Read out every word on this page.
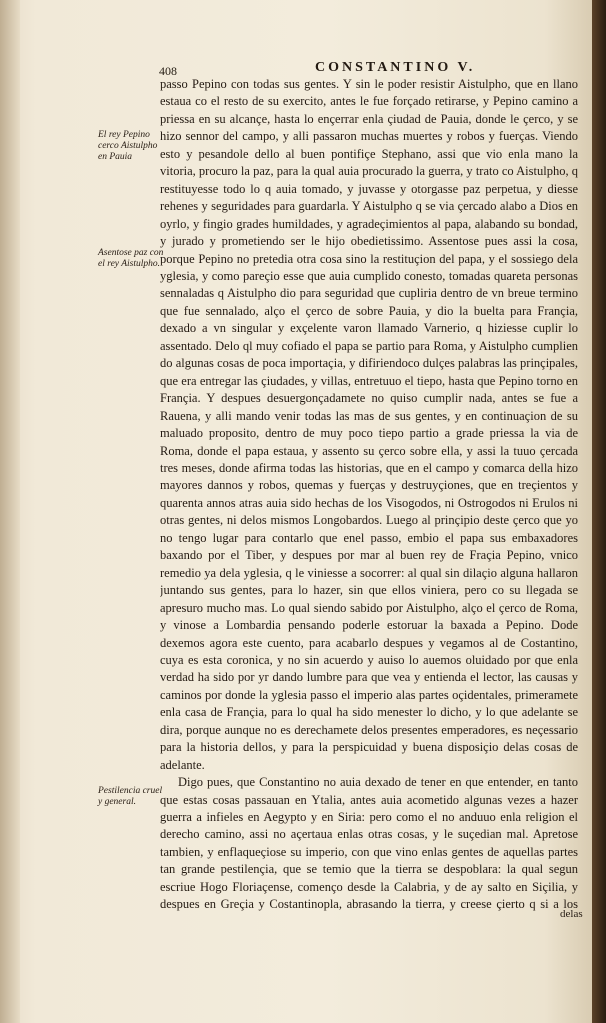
408	CONSTANTINO V.
El rey Pepino cerco Aistulpho en Pauia
Asentose paz con el rey Aistulpho.
Pestilencia cruel y general.

passo Pepino con todas sus gentes. Y sin le poder resistir Aistulpho, que en llano estaua co el resto de su exercito, antes le fue forçado retirarse, y Pepino camino a priessa en su alcançe, hasta lo ençerrar enla çiudad de Pauia, donde le çerco, y se hizo sennor del campo, y alli passaron muchas muertes y robos y fuerças. Viendo esto y pesandole dello al buen pontifiçe Stephano, assi que vio enla mano la vitoria, procuro la paz, para la qual auia procurado la guerra, y trato co Aistulpho, q restituyesse todo lo q auia tomado, y juvasse y otorgasse paz perpetua, y diesse rehenes y seguridades para guardarla. Y Aistulpho q se via çercado alabo a Dios en oyrlo, y fingio grades humildades, y agradeçimientos al papa, alabando su bondad, y jurado y prometiendo ser le hijo obedietissimo. Assentose pues assi la cosa, porque Pepino no pretedia otra cosa sino la restituçion del papa, y el sossiego dela yglesia, y como pareçio esse que auia cumplido conesto, tomadas quareta personas sennaladas q Aistulpho dio para seguridad que cupliria dentro de vn breue termino que fue sennalado, alço el çerco de sobre Pauia, y dio la buelta para Françia, dexado a vn singular y exçelente varon llamado Varnerio, q hiziesse cuplir lo assentado. Delo ql muy cofiado el papa se partio para Roma, y Aistulpho cumplien do algunas cosas de poca importaçia, y difiriendoco dulçes palabras las prinçipales, que era entregar las çiudades, y villas, entretuuo el tiepo, hasta que Pepino torno en Françia. Y despues desuergonçadamete no quiso cumplir nada, antes se fue a Rauena, y alli mando venir todas las mas de sus gentes, y en continuaçion de su maluado proposito, dentro de muy poco tiepo partio a grade priessa la via de Roma, donde el papa estaua, y assento su çerco sobre ella, y assi la tuuo çercada tres meses, donde afirma todas las historias, que en el campo y comarca della hizo mayores dannos y robos, quemas y fuerças y destruyçiones, que en treçientos y quarenta annos atras auia sido hechas de los Visogodos, ni Ostrogodos ni Erulos ni otras gentes, ni delos mismos Longobardos. Luego al prinçipio deste çerco que yo no tengo lugar para contarlo que enel passo, embio el papa sus embaxadores baxando por el Tiber, y despues por mar al buen rey de Fraçia Pepino, vnico remedio ya dela yglesia, q le viniesse a socorrer: al qual sin dilaçio alguna hallaron juntando sus gentes, para lo hazer, sin que ellos viniera, pero co su llegada se apresuro mucho mas. Lo qual siendo sabido por Aistulpho, alço el çerco de Roma, y vinose a Lombardia pensando poderle estoruar la baxada a Pepino. Dode dexemos agora este cuento, para acabarlo despues y vegamos al de Costantino, cuya es esta coronica, y no sin acuerdo y auiso lo auemos oluidado por que enla verdad ha sido por yr dando lumbre para que vea y entienda el lector, las causas y caminos por donde la yglesia passo el imperio alas partes oçidentales, primeramete enla casa de Françia, para lo qual ha sido menester lo dicho, y lo que adelante se dira, porque aunque no es derechamete delos presentes emperadores, es neçessario para la historia dellos, y para la perspicuidad y buena disposiçio delas cosas de adelante.

Digo pues, que Constantino no auia dexado de tener en que entender, en tanto que estas cosas passauan en Ytalia, antes auia acometido algunas vezes a hazer guerra a infieles en Aegypto y en Siria: pero como el no anduuo enla religion el derecho camino, assi no açertaua enlas otras cosas, y le suçedian mal. Apretose tambien, y enflaqueçiose su imperio, con que vino enlas gentes de aquellas partes tan grande pestilençia, que se temio que la tierra se despoblara: la qual segun escriue Hogo Floriaçense, començo desde la Calabria, y de ay salto en Siçilia, y despues en Greçia y Costantinopla, abrasando la tierra, y creese çierto q si a los

delas
